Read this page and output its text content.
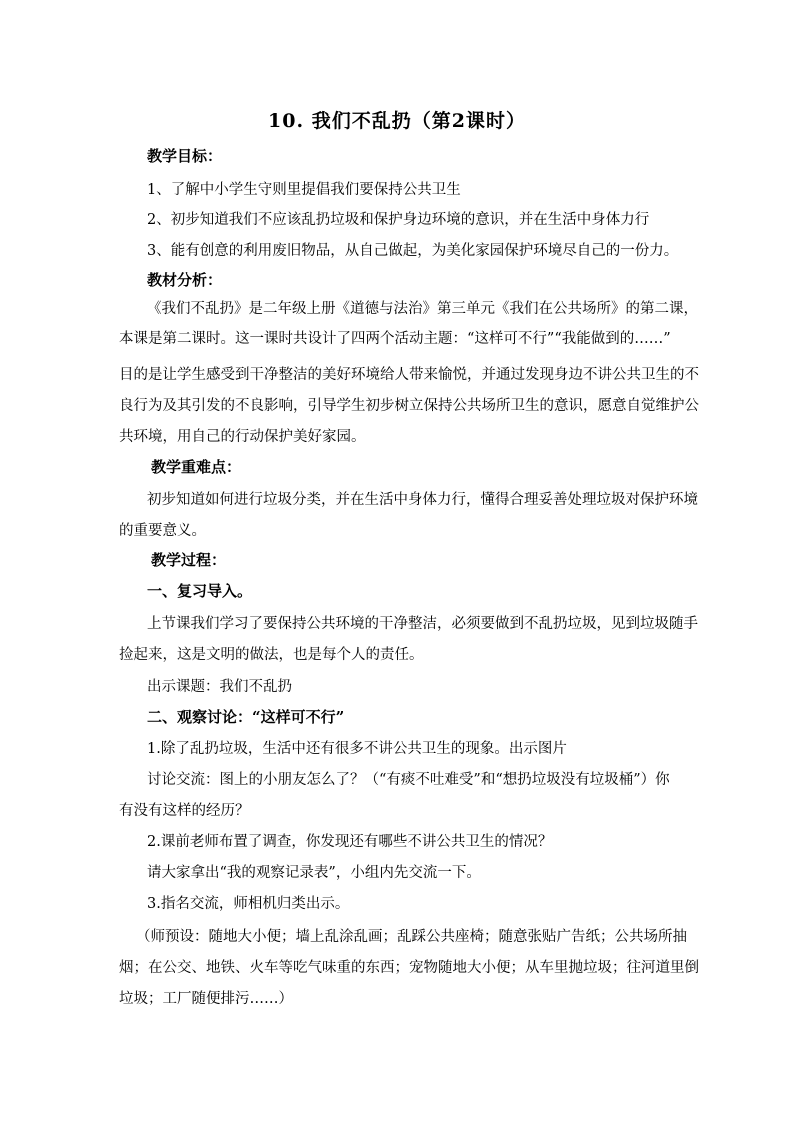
10. 我们不乱扔（第2课时）
教学目标：
1、了解中小学生守则里提倡我们要保持公共卫生
2、初步知道我们不应该乱扔垃圾和保护身边环境的意识，并在生活中身体力行
3、能有创意的利用废旧物品，从自己做起，为美化家园保护环境尽自己的一份力。
教材分析：
《我们不乱扔》是二年级上册《道德与法治》第三单元《我们在公共场所》的第二课，
本课是第二课时。这一课时共设计了四两个活动主题：“这样可不行”“我能做到的……”
目的是让学生感受到干净整洁的美好环境给人带来愉悦，并通过发现身边不讲公共卫生的不
良行为及其引发的不良影响，引导学生初步树立保持公共场所卫生的意识，愿意自觉维护公
共环境，用自己的行动保护美好家园。
教学重难点：
初步知道如何进行垃圾分类，并在生活中身体力行，懂得合理妥善处理垃圾对保护环境
的重要意义。
教学过程：
一、复习导入。
上节课我们学习了要保持公共环境的干净整洁，必须要做到不乱扔垃圾，见到垃圾随手
捡起来，这是文明的做法，也是每个人的责任。
出示课题：我们不乱扔
二、观察讨论：“这样可不行”
1.除了乱扔垃圾，生活中还有很多不讲公共卫生的现象。出示图片
讨论交流：图上的小朋友怎么了？（“有痰不吐难受”和“想扔垃圾没有垃圾桶”）你
有没有这样的经历？
2.课前老师布置了调查，你发现还有哪些不讲公共卫生的情况？
请大家拿出“我的观察记录表”，小组内先交流一下。
3.指名交流，师相机归类出示。
（师预设：随地大小便；墙上乱涂乱画；乱踩公共座椅；随意张贴广告纸；公共场所抽
烟；在公交、地铁、火车等吃气味重的东西；宠物随地大小便；从车里抛垃圾；往河道里倒
垃圾；工厂随便排污……）
